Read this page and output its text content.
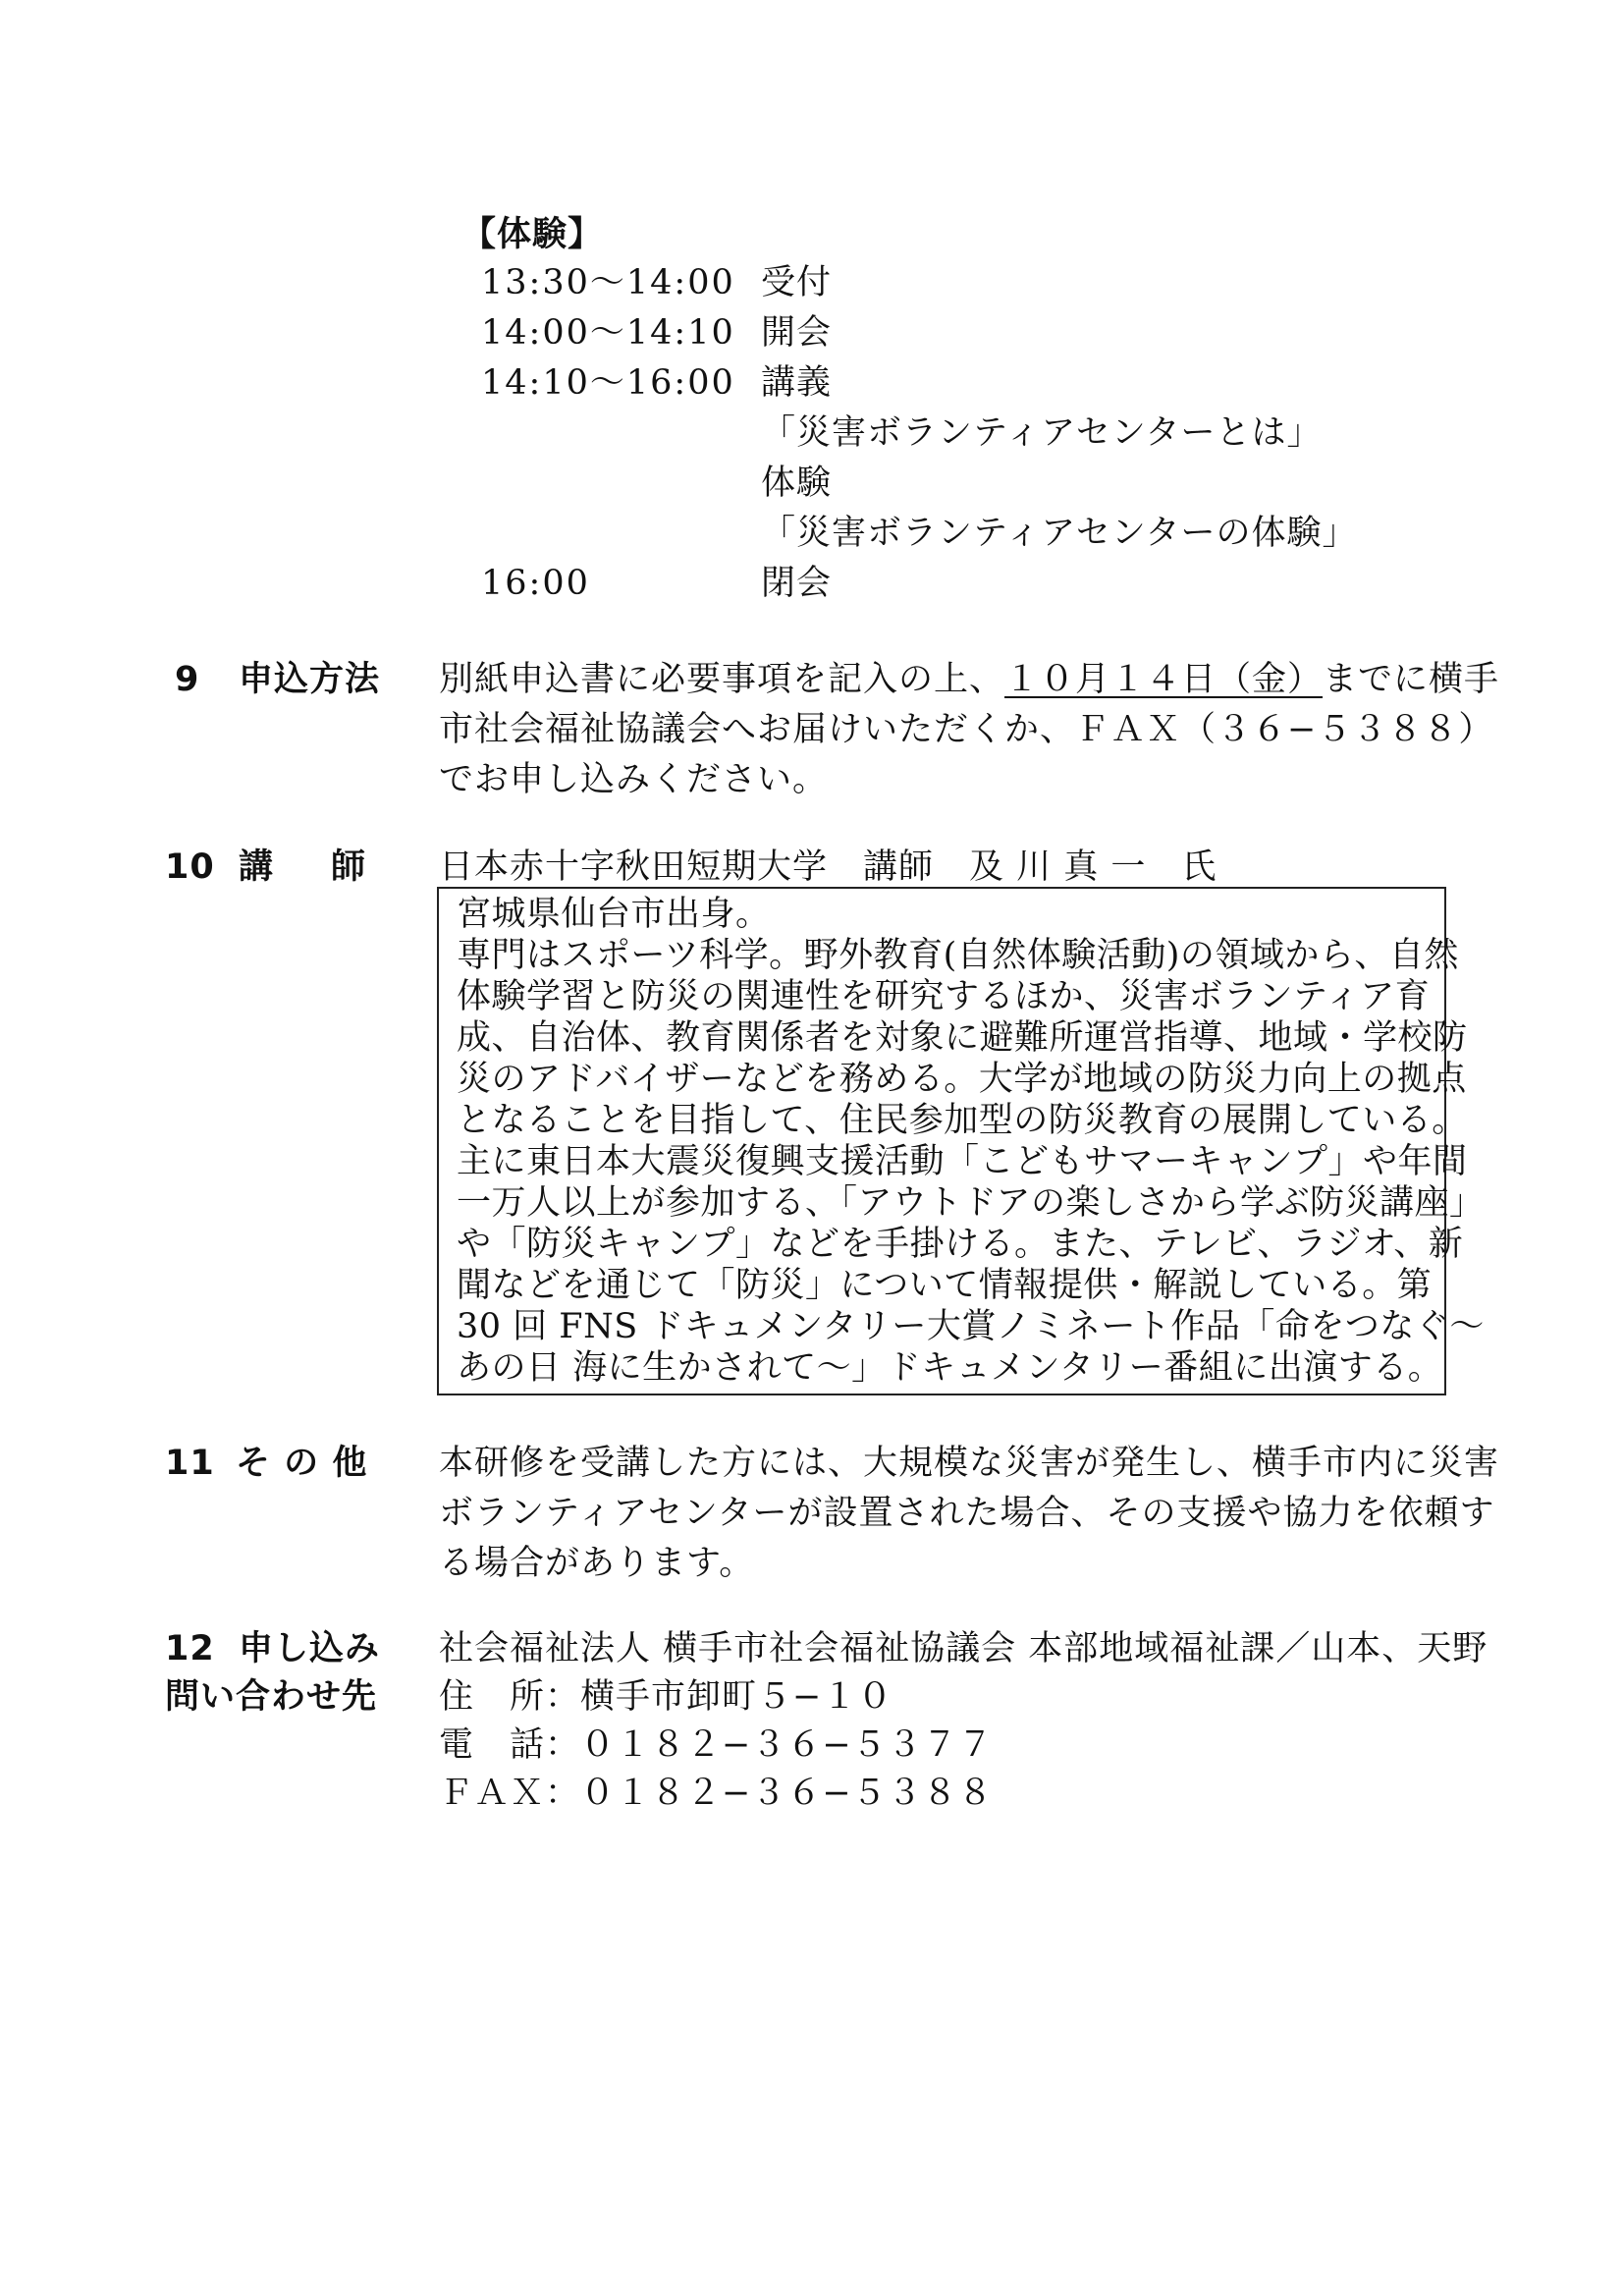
【体験】
13:30〜14:00 受付
14:00〜14:10 開会
14:10〜16:00 講義
「災害ボランティアセンターとは」
体験
「災害ボランティアセンターの体験」
16:00	閉会
9 申込方法 別紙申込書に必要事項を記入の上、１０月１４日（金）までに横手
市社会福祉協議会へお届けいただくか、ＦＡＸ（３６−５３８８）
でお申し込みください。
10 講　師 日本赤十字秋田短期大学　講師　及 川 真 一　氏
宮城県仙台市出身。
専門はスポーツ科学。野外教育(自然体験活動)の領域から、自然
体験学習と防災の関連性を研究するほか、災害ボランティア育
成、自治体、教育関係者を対象に避難所運営指導、地域・学校防
災のアドバイザーなどを務める。大学が地域の防災力向上の拠点
となることを目指して、住民参加型の防災教育の展開している。
主に東日本大震災復興支援活動「こどもサマーキャンプ」や年間
一万人以上が参加する、「アウトドアの楽しさから学ぶ防災講座」
や「防災キャンプ」などを手掛ける。また、テレビ、ラジオ、新
聞などを通じて「防災」について情報提供・解説している。第
30 回 FNS ドキュメンタリー大賞ノミネート作品「命をつなぐ〜
あの日 海に生かされて〜」ドキュメンタリー番組に出演する。
11 そ の 他 本研修を受講した方には、大規模な災害が発生し、横手市内に災害
ボランティアセンターが設置された場合、その支援や協力を依頼す
る場合があります。
12 申し込み
問い合わせ先
社会福祉法人 横手市社会福祉協議会 本部地域福祉課／山本、天野
住　所：横手市卸町５−１０
電　話：０１８２−３６−５３７７
ＦＡＸ：０１８２−３６−５３８８
